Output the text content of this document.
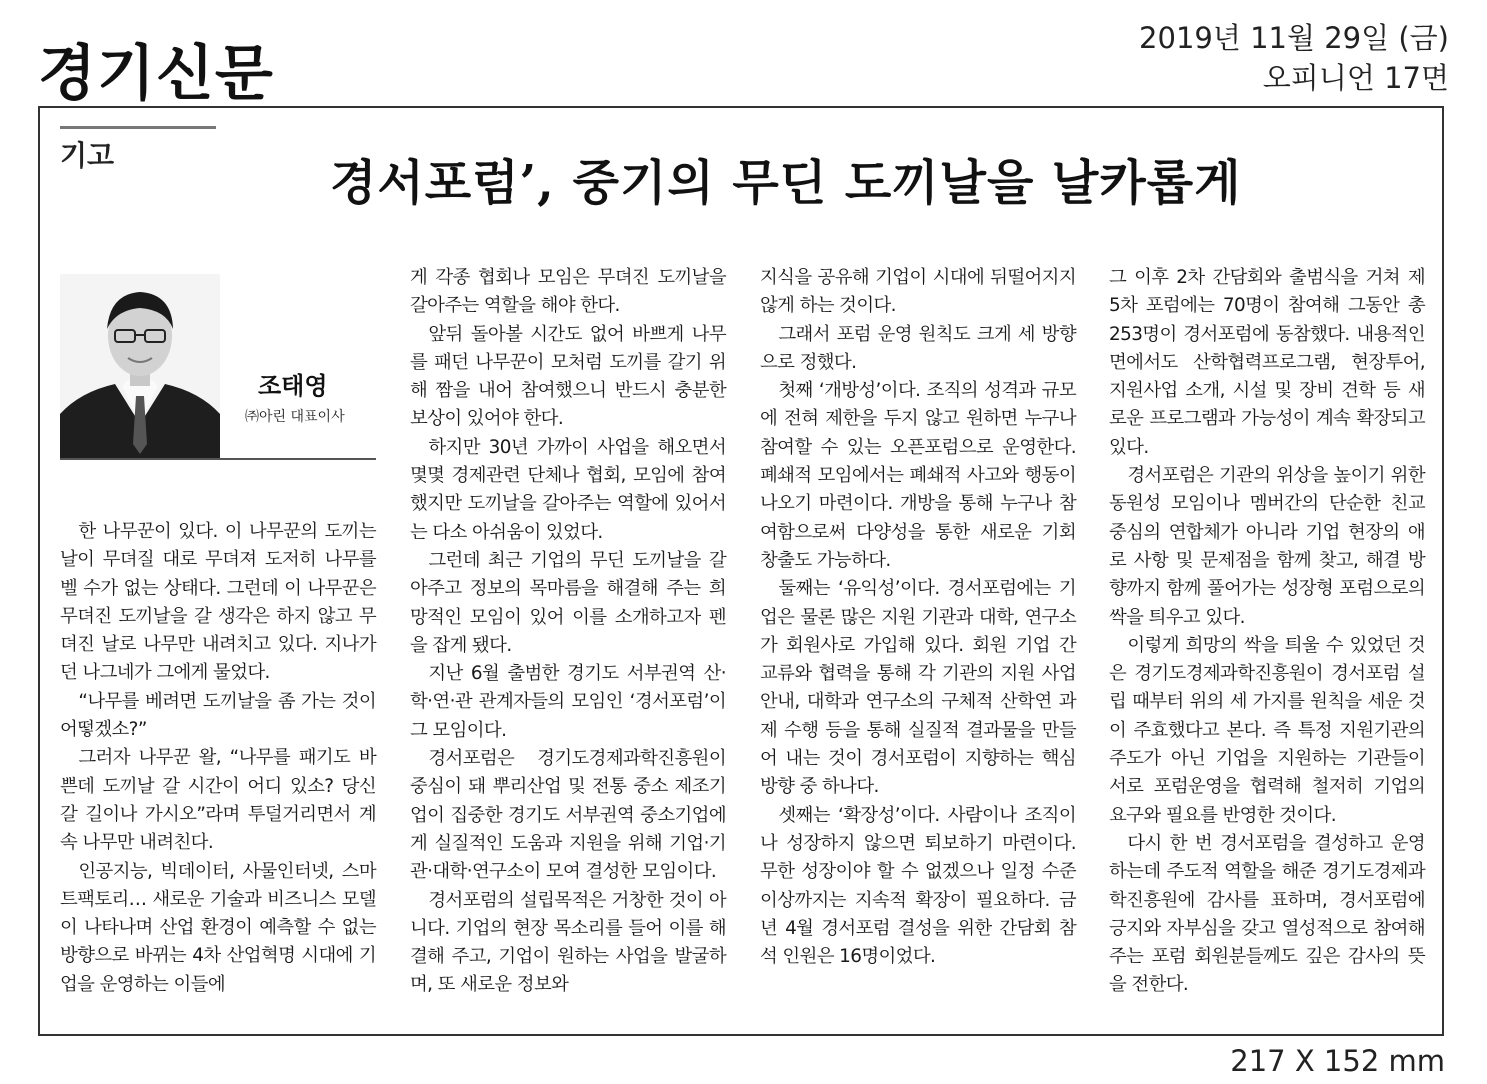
경기신문
2019년 11월 29일 (금)
오피니언 17면
기고	경서포럼’, 중기의 무딘 도끼날을 날카롭게
조태영
㈜아린 대표이사

한 나무꾼이 있다. 이 나무꾼의 도끼는 날이 무뎌질 대로 무뎌져 도저히 나무를 벨 수가 없는 상태다. 그런데 이 나무꾼은 무뎌진 도끼날을 갈 생각은 하지 않고 무뎌진 날로 나무만 내려치고 있다. 지나가던 나그네가 그에게 물었다.

“나무를 베려면 도끼날을 좀 가는 것이 어떻겠소?”

그러자 나무꾼 왈, “나무를 패기도 바쁜데 도끼날 갈 시간이 어디 있소? 당신 갈 길이나 가시오”라며 투덜거리면서 계속 나무만 내려친다.

인공지능, 빅데이터, 사물인터넷, 스마트팩토리… 새로운 기술과 비즈니스 모델이 나타나며 산업 환경이 예측할 수 없는 방향으로 바뀌는 4차 산업혁명 시대에 기업을 운영하는 이들에

게 각종 협회나 모임은 무뎌진 도끼날을 갈아주는 역할을 해야 한다.

앞뒤 돌아볼 시간도 없어 바쁘게 나무를 패던 나무꾼이 모처럼 도끼를 갈기 위해 짬을 내어 참여했으니 반드시 충분한 보상이 있어야 한다.

하지만 30년 가까이 사업을 해오면서 몇몇 경제관련 단체나 협회, 모임에 참여했지만 도끼날을 갈아주는 역할에 있어서는 다소 아쉬움이 있었다.

그런데 최근 기업의 무딘 도끼날을 갈아주고 정보의 목마름을 해결해 주는 희망적인 모임이 있어 이를 소개하고자 펜을 잡게 됐다.

지난 6월 출범한 경기도 서부권역 산·학·연·관 관계자들의 모임인 ‘경서포럼’이 그 모임이다.

경서포럼은 경기도경제과학진흥원이 중심이 돼 뿌리산업 및 전통 중소 제조기업이 집중한 경기도 서부권역 중소기업에게 실질적인 도움과 지원을 위해 기업·기관·대학·연구소이 모여 결성한 모임이다.

경서포럼의 설립목적은 거창한 것이 아니다. 기업의 현장 목소리를 들어 이를 해결해 주고, 기업이 원하는 사업을 발굴하며, 또 새로운 정보와

지식을 공유해 기업이 시대에 뒤떨어지지 않게 하는 것이다.

그래서 포럼 운영 원칙도 크게 세 방향으로 정했다.

첫째 ‘개방성’이다. 조직의 성격과 규모에 전혀 제한을 두지 않고 원하면 누구나 참여할 수 있는 오픈포럼으로 운영한다. 폐쇄적 모임에서는 폐쇄적 사고와 행동이 나오기 마련이다. 개방을 통해 누구나 참여함으로써 다양성을 통한 새로운 기회 창출도 가능하다.

둘째는 ‘유익성’이다. 경서포럼에는 기업은 물론 많은 지원 기관과 대학, 연구소가 회원사로 가입해 있다. 회원 기업 간 교류와 협력을 통해 각 기관의 지원 사업 안내, 대학과 연구소의 구체적 산학연 과제 수행 등을 통해 실질적 결과물을 만들어 내는 것이 경서포럼이 지향하는 핵심 방향 중 하나다.

셋째는 ‘확장성’이다. 사람이나 조직이나 성장하지 않으면 퇴보하기 마련이다. 무한 성장이야 할 수 없겠으나 일정 수준 이상까지는 지속적 확장이 필요하다. 금년 4월 경서포럼 결성을 위한 간담회 참석 인원은 16명이었다.

그 이후 2차 간담회와 출범식을 거쳐 제 5차 포럼에는 70명이 참여해 그동안 총 253명이 경서포럼에 동참했다. 내용적인 면에서도 산학협력프로그램, 현장투어, 지원사업 소개, 시설 및 장비 견학 등 새로운 프로그램과 가능성이 계속 확장되고 있다.

경서포럼은 기관의 위상을 높이기 위한 동원성 모임이나 멤버간의 단순한 친교 중심의 연합체가 아니라 기업 현장의 애로 사항 및 문제점을 함께 찾고, 해결 방향까지 함께 풀어가는 성장형 포럼으로의 싹을 틔우고 있다.

이렇게 희망의 싹을 틔울 수 있었던 것은 경기도경제과학진흥원이 경서포럼 설립 때부터 위의 세 가지를 원칙을 세운 것이 주효했다고 본다. 즉 특정 지원기관의 주도가 아닌 기업을 지원하는 기관들이 서로 포럼운영을 협력해 철저히 기업의 요구와 필요를 반영한 것이다.

다시 한 번 경서포럼을 결성하고 운영하는데 주도적 역할을 해준 경기도경제과학진흥원에 감사를 표하며, 경서포럼에 긍지와 자부심을 갖고 열성적으로 참여해주는 포럼 회원분들께도 깊은 감사의 뜻을 전한다.

217 X 152 mm
